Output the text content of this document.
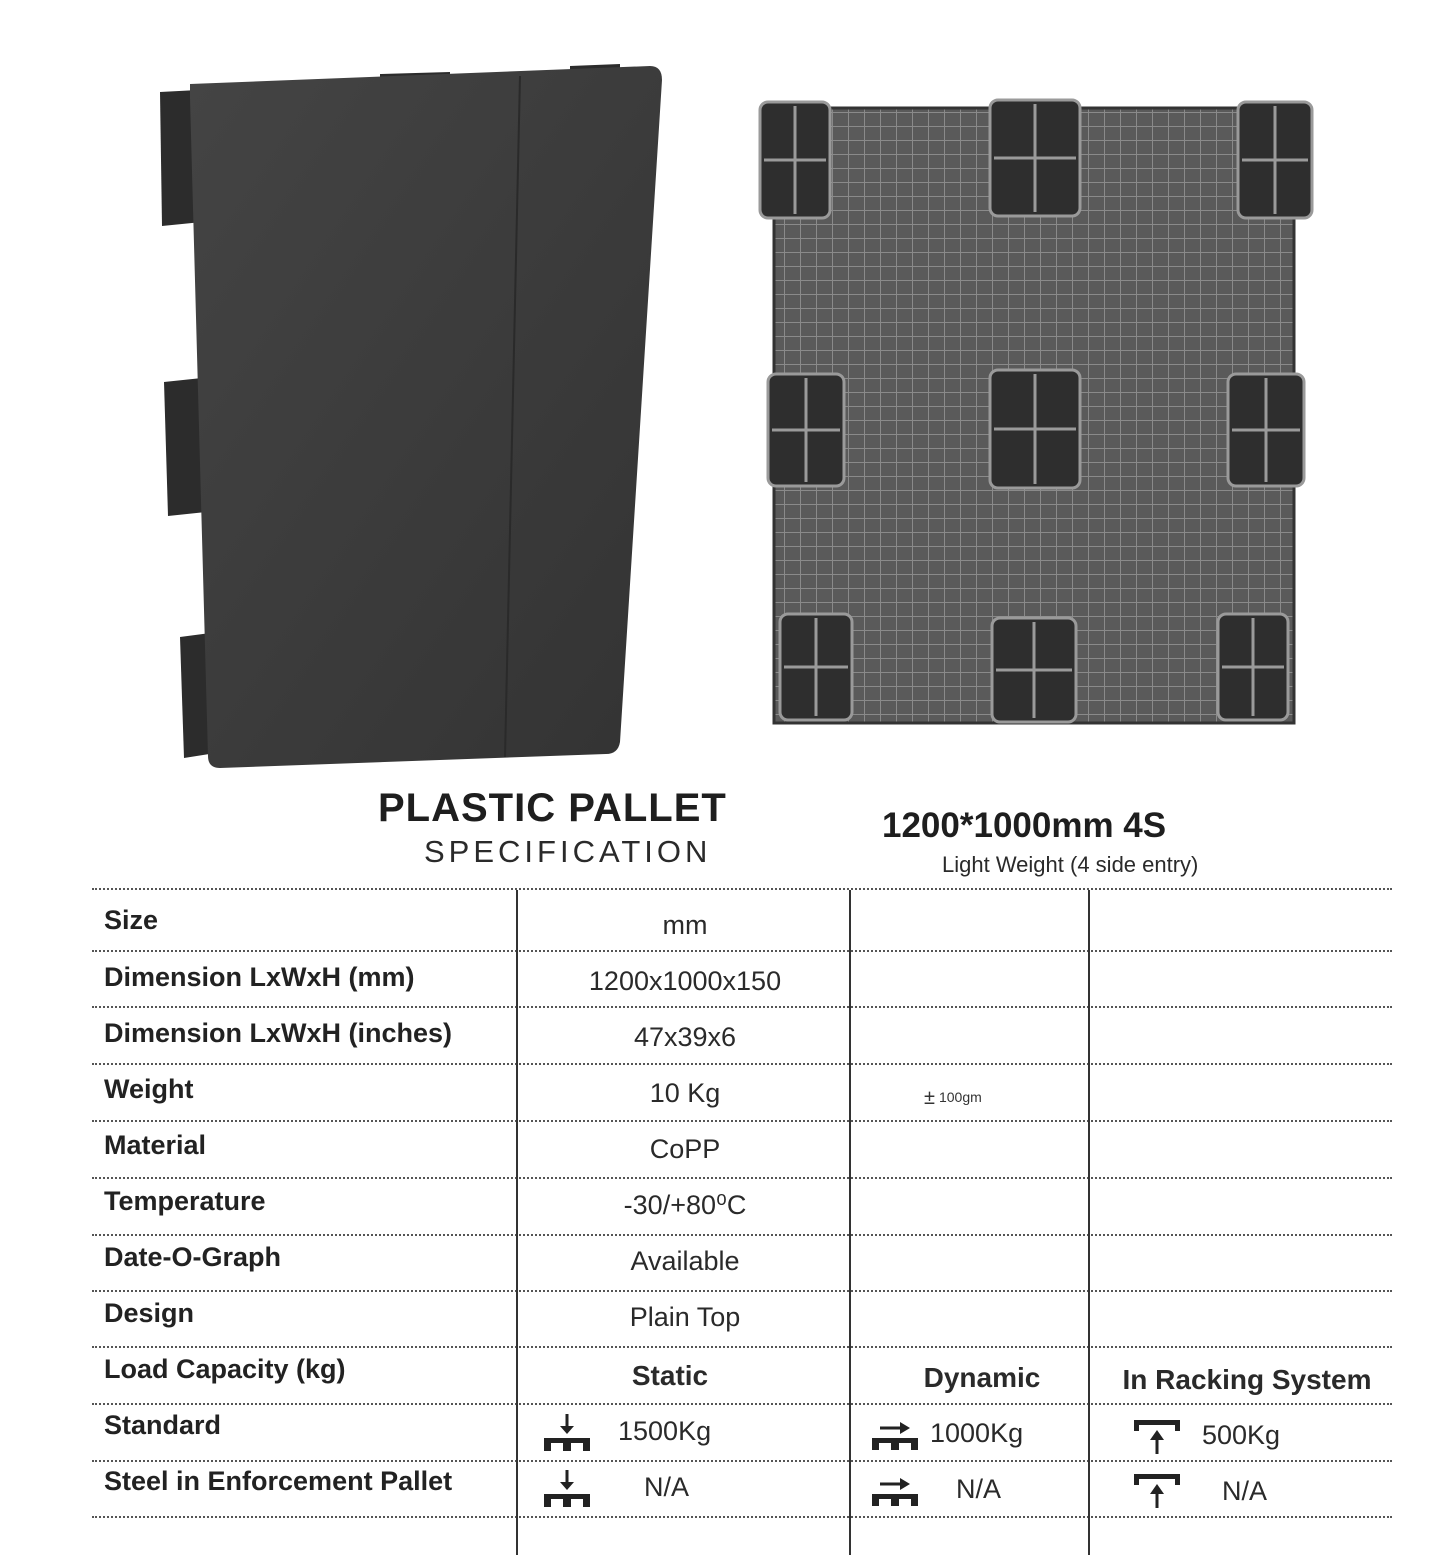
PLASTIC PALLET
SPECIFICATION
1200*1000mm 4S
Light Weight (4 side entry)
Size	mm
Dimension LxWxH (mm)	1200x1000x150
Dimension LxWxH (inches)	47x39x6
Weight	10 Kg	± 100gm
Material	CoPP
Temperature	-30/+80⁰C
Date-O-Graph	Available
Design	Plain Top
Load Capacity (kg)	Static	Dynamic	In Racking System
Standard	1500Kg	1000Kg	500Kg
Steel in Enforcement Pallet	N/A	N/A	N/A
